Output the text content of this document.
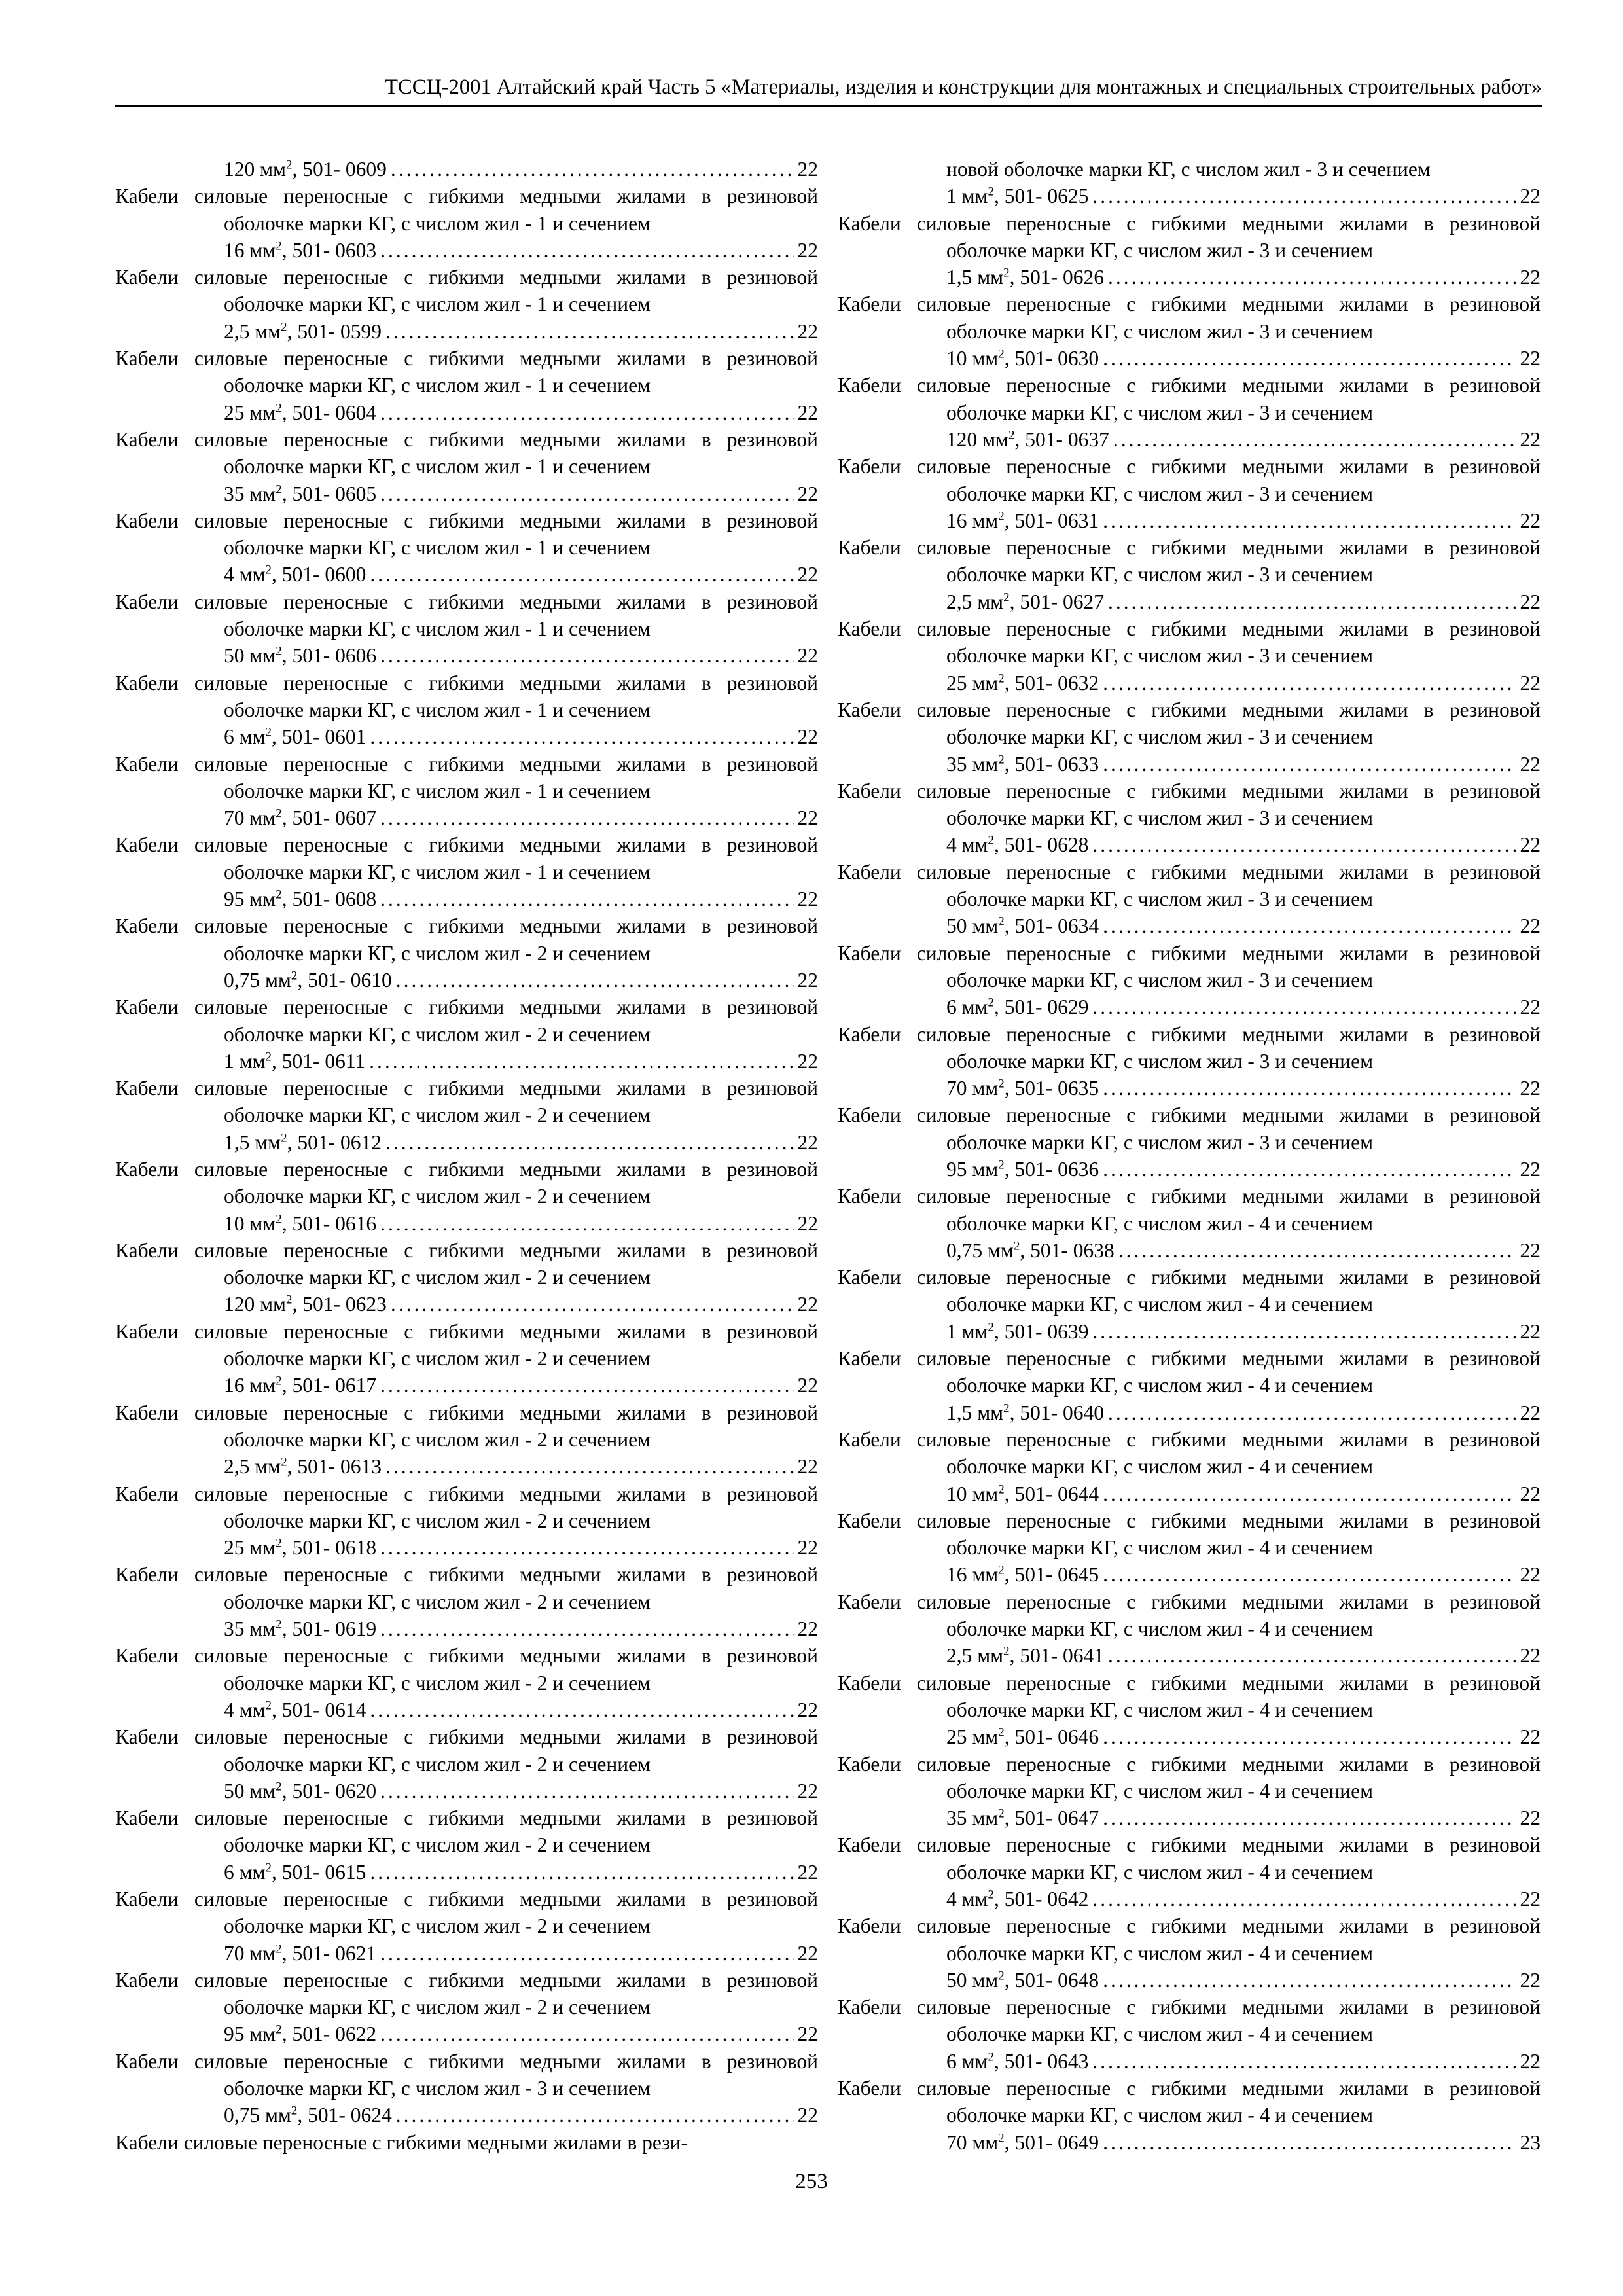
ТССЦ-2001 Алтайский край Часть 5 «Материалы, изделия и конструкции для монтажных и специальных строительных работ»
120 $мм^2$, 501- 0609 .....	22
Кабели силовые переносные с гибкими медными жилами в резиновой оболочке марки КГ, с числом жил - 1 и сечением
16 $мм^2$, 501- 0603 .....	22
Кабели силовые переносные с гибкими медными жилами в резиновой оболочке марки КГ, с числом жил - 1 и сечением
2,5 $мм^2$, 501- 0599 .....	22
Кабели силовые переносные с гибкими медными жилами в резиновой оболочке марки КГ, с числом жил - 1 и сечением
25 $мм^2$, 501- 0604 .....	22
Кабели силовые переносные с гибкими медными жилами в резиновой оболочке марки КГ, с числом жил - 1 и сечением
35 $мм^2$, 501- 0605 .....	22
Кабели силовые переносные с гибкими медными жилами в резиновой оболочке марки КГ, с числом жил - 1 и сечением
4 $мм^2$, 501- 0600 .....	22
Кабели силовые переносные с гибкими медными жилами в резиновой оболочке марки КГ, с числом жил - 1 и сечением
50 $мм^2$, 501- 0606 .....	22
Кабели силовые переносные с гибкими медными жилами в резиновой оболочке марки КГ, с числом жил - 1 и сечением
6 $мм^2$, 501- 0601 .....	22
Кабели силовые переносные с гибкими медными жилами в резиновой оболочке марки КГ, с числом жил - 1 и сечением
70 $мм^2$, 501- 0607 .....	22
Кабели силовые переносные с гибкими медными жилами в резиновой оболочке марки КГ, с числом жил - 1 и сечением
95 $мм^2$, 501- 0608 .....	22
Кабели силовые переносные с гибкими медными жилами в резиновой оболочке марки КГ, с числом жил - 2 и сечением
0,75 $мм^2$, 501- 0610 .....	22
Кабели силовые переносные с гибкими медными жилами в резиновой оболочке марки КГ, с числом жил - 2 и сечением
1 $мм^2$, 501- 0611 .....	22
Кабели силовые переносные с гибкими медными жилами в резиновой оболочке марки КГ, с числом жил - 2 и сечением
1,5 $мм^2$, 501- 0612 .....	22
Кабели силовые переносные с гибкими медными жилами в резиновой оболочке марки КГ, с числом жил - 2 и сечением
10 $мм^2$, 501- 0616 .....	22
Кабели силовые переносные с гибкими медными жилами в резиновой оболочке марки КГ, с числом жил - 2 и сечением
120 $мм^2$, 501- 0623 .....	22
Кабели силовые переносные с гибкими медными жилами в резиновой оболочке марки КГ, с числом жил - 2 и сечением
16 $мм^2$, 501- 0617 .....	22
Кабели силовые переносные с гибкими медными жилами в резиновой оболочке марки КГ, с числом жил - 2 и сечением
2,5 $мм^2$, 501- 0613 .....	22
Кабели силовые переносные с гибкими медными жилами в резиновой оболочке марки КГ, с числом жил - 2 и сечением
25 $мм^2$, 501- 0618 .....	22
Кабели силовые переносные с гибкими медными жилами в резиновой оболочке марки КГ, с числом жил - 2 и сечением
35 $мм^2$, 501- 0619 .....	22
Кабели силовые переносные с гибкими медными жилами в резиновой оболочке марки КГ, с числом жил - 2 и сечением
4 $мм^2$, 501- 0614 .....	22
Кабели силовые переносные с гибкими медными жилами в резиновой оболочке марки КГ, с числом жил - 2 и сечением
50 $мм^2$, 501- 0620 .....	22
Кабели силовые переносные с гибкими медными жилами в резиновой оболочке марки КГ, с числом жил - 2 и сечением
6 $мм^2$, 501- 0615 .....	22
Кабели силовые переносные с гибкими медными жилами в резиновой оболочке марки КГ, с числом жил - 2 и сечением
70 $мм^2$, 501- 0621 .....	22
Кабели силовые переносные с гибкими медными жилами в резиновой оболочке марки КГ, с числом жил - 2 и сечением
95 $мм^2$, 501- 0622 .....	22
Кабели силовые переносные с гибкими медными жилами в резиновой оболочке марки КГ, с числом жил - 3 и сечением
0,75 $мм^2$, 501- 0624 .....	22
Кабели силовые переносные с гибкими медными жилами в рези-
новой оболочке марки КГ, с числом жил - 3 и сечением
1 $мм^2$, 501- 0625 .....	22
Кабели силовые переносные с гибкими медными жилами в резиновой оболочке марки КГ, с числом жил - 3 и сечением
1,5 $мм^2$, 501- 0626 .....	22
Кабели силовые переносные с гибкими медными жилами в резиновой оболочке марки КГ, с числом жил - 3 и сечением
10 $мм^2$, 501- 0630 .....	22
Кабели силовые переносные с гибкими медными жилами в резиновой оболочке марки КГ, с числом жил - 3 и сечением
120 $мм^2$, 501- 0637 .....	22
Кабели силовые переносные с гибкими медными жилами в резиновой оболочке марки КГ, с числом жил - 3 и сечением
16 $мм^2$, 501- 0631 .....	22
Кабели силовые переносные с гибкими медными жилами в резиновой оболочке марки КГ, с числом жил - 3 и сечением
2,5 $мм^2$, 501- 0627 .....	22
Кабели силовые переносные с гибкими медными жилами в резиновой оболочке марки КГ, с числом жил - 3 и сечением
25 $мм^2$, 501- 0632 .....	22
Кабели силовые переносные с гибкими медными жилами в резиновой оболочке марки КГ, с числом жил - 3 и сечением
35 $мм^2$, 501- 0633 .....	22
Кабели силовые переносные с гибкими медными жилами в резиновой оболочке марки КГ, с числом жил - 3 и сечением
4 $мм^2$, 501- 0628 .....	22
Кабели силовые переносные с гибкими медными жилами в резиновой оболочке марки КГ, с числом жил - 3 и сечением
50 $мм^2$, 501- 0634 .....	22
Кабели силовые переносные с гибкими медными жилами в резиновой оболочке марки КГ, с числом жил - 3 и сечением
6 $мм^2$, 501- 0629 .....	22
Кабели силовые переносные с гибкими медными жилами в резиновой оболочке марки КГ, с числом жил - 3 и сечением
70 $мм^2$, 501- 0635 .....	22
Кабели силовые переносные с гибкими медными жилами в резиновой оболочке марки КГ, с числом жил - 3 и сечением
95 $мм^2$, 501- 0636 .....	22
Кабели силовые переносные с гибкими медными жилами в резиновой оболочке марки КГ, с числом жил - 4 и сечением
0,75 $мм^2$, 501- 0638 .....	22
Кабели силовые переносные с гибкими медными жилами в резиновой оболочке марки КГ, с числом жил - 4 и сечением
1 $мм^2$, 501- 0639 .....	22
Кабели силовые переносные с гибкими медными жилами в резиновой оболочке марки КГ, с числом жил - 4 и сечением
1,5 $мм^2$, 501- 0640 .....	22
Кабели силовые переносные с гибкими медными жилами в резиновой оболочке марки КГ, с числом жил - 4 и сечением
10 $мм^2$, 501- 0644 .....	22
Кабели силовые переносные с гибкими медными жилами в резиновой оболочке марки КГ, с числом жил - 4 и сечением
16 $мм^2$, 501- 0645 .....	22
Кабели силовые переносные с гибкими медными жилами в резиновой оболочке марки КГ, с числом жил - 4 и сечением
2,5 $мм^2$, 501- 0641 .....	22
Кабели силовые переносные с гибкими медными жилами в резиновой оболочке марки КГ, с числом жил - 4 и сечением
25 $мм^2$, 501- 0646 .....	22
Кабели силовые переносные с гибкими медными жилами в резиновой оболочке марки КГ, с числом жил - 4 и сечением
35 $мм^2$, 501- 0647 .....	22
Кабели силовые переносные с гибкими медными жилами в резиновой оболочке марки КГ, с числом жил - 4 и сечением
4 $мм^2$, 501- 0642 .....	22
Кабели силовые переносные с гибкими медными жилами в резиновой оболочке марки КГ, с числом жил - 4 и сечением
50 $мм^2$, 501- 0648 .....	22
Кабели силовые переносные с гибкими медными жилами в резиновой оболочке марки КГ, с числом жил - 4 и сечением
6 $мм^2$, 501- 0643 .....	22
Кабели силовые переносные с гибкими медными жилами в резиновой оболочке марки КГ, с числом жил - 4 и сечением
70 $мм^2$, 501- 0649 .....	23
253
